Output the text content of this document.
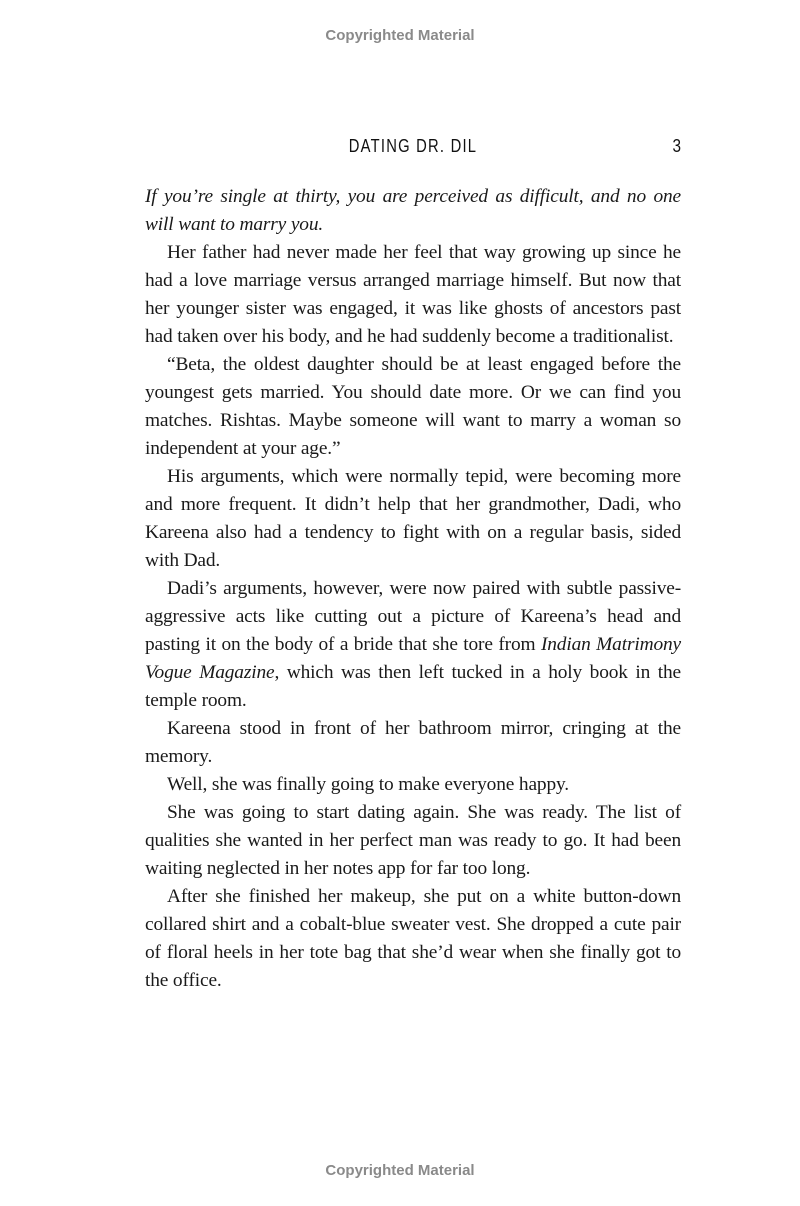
Copyrighted Material
DATING DR. DIL	3

If you’re single at thirty, you are perceived as difficult, and no one will want to marry you.

Her father had never made her feel that way growing up since he had a love marriage versus arranged marriage himself. But now that her younger sister was engaged, it was like ghosts of ancestors past had taken over his body, and he had suddenly become a traditionalist.

“Beta, the oldest daughter should be at least engaged before the youngest gets married. You should date more. Or we can find you matches. Rishtas. Maybe someone will want to marry a woman so independent at your age.”

His arguments, which were normally tepid, were becoming more and more frequent. It didn’t help that her grandmother, Dadi, who Kareena also had a tendency to fight with on a regular basis, sided with Dad.

Dadi’s arguments, however, were now paired with subtle passive-aggressive acts like cutting out a picture of Kareena’s head and pasting it on the body of a bride that she tore from Indian Matrimony Vogue Magazine, which was then left tucked in a holy book in the temple room.

Kareena stood in front of her bathroom mirror, cringing at the memory.

Well, she was finally going to make everyone happy.

She was going to start dating again. She was ready. The list of qualities she wanted in her perfect man was ready to go. It had been waiting neglected in her notes app for far too long.

After she finished her makeup, she put on a white button-down collared shirt and a cobalt-blue sweater vest. She dropped a cute pair of floral heels in her tote bag that she’d wear when she finally got to the office.

Copyrighted Material
